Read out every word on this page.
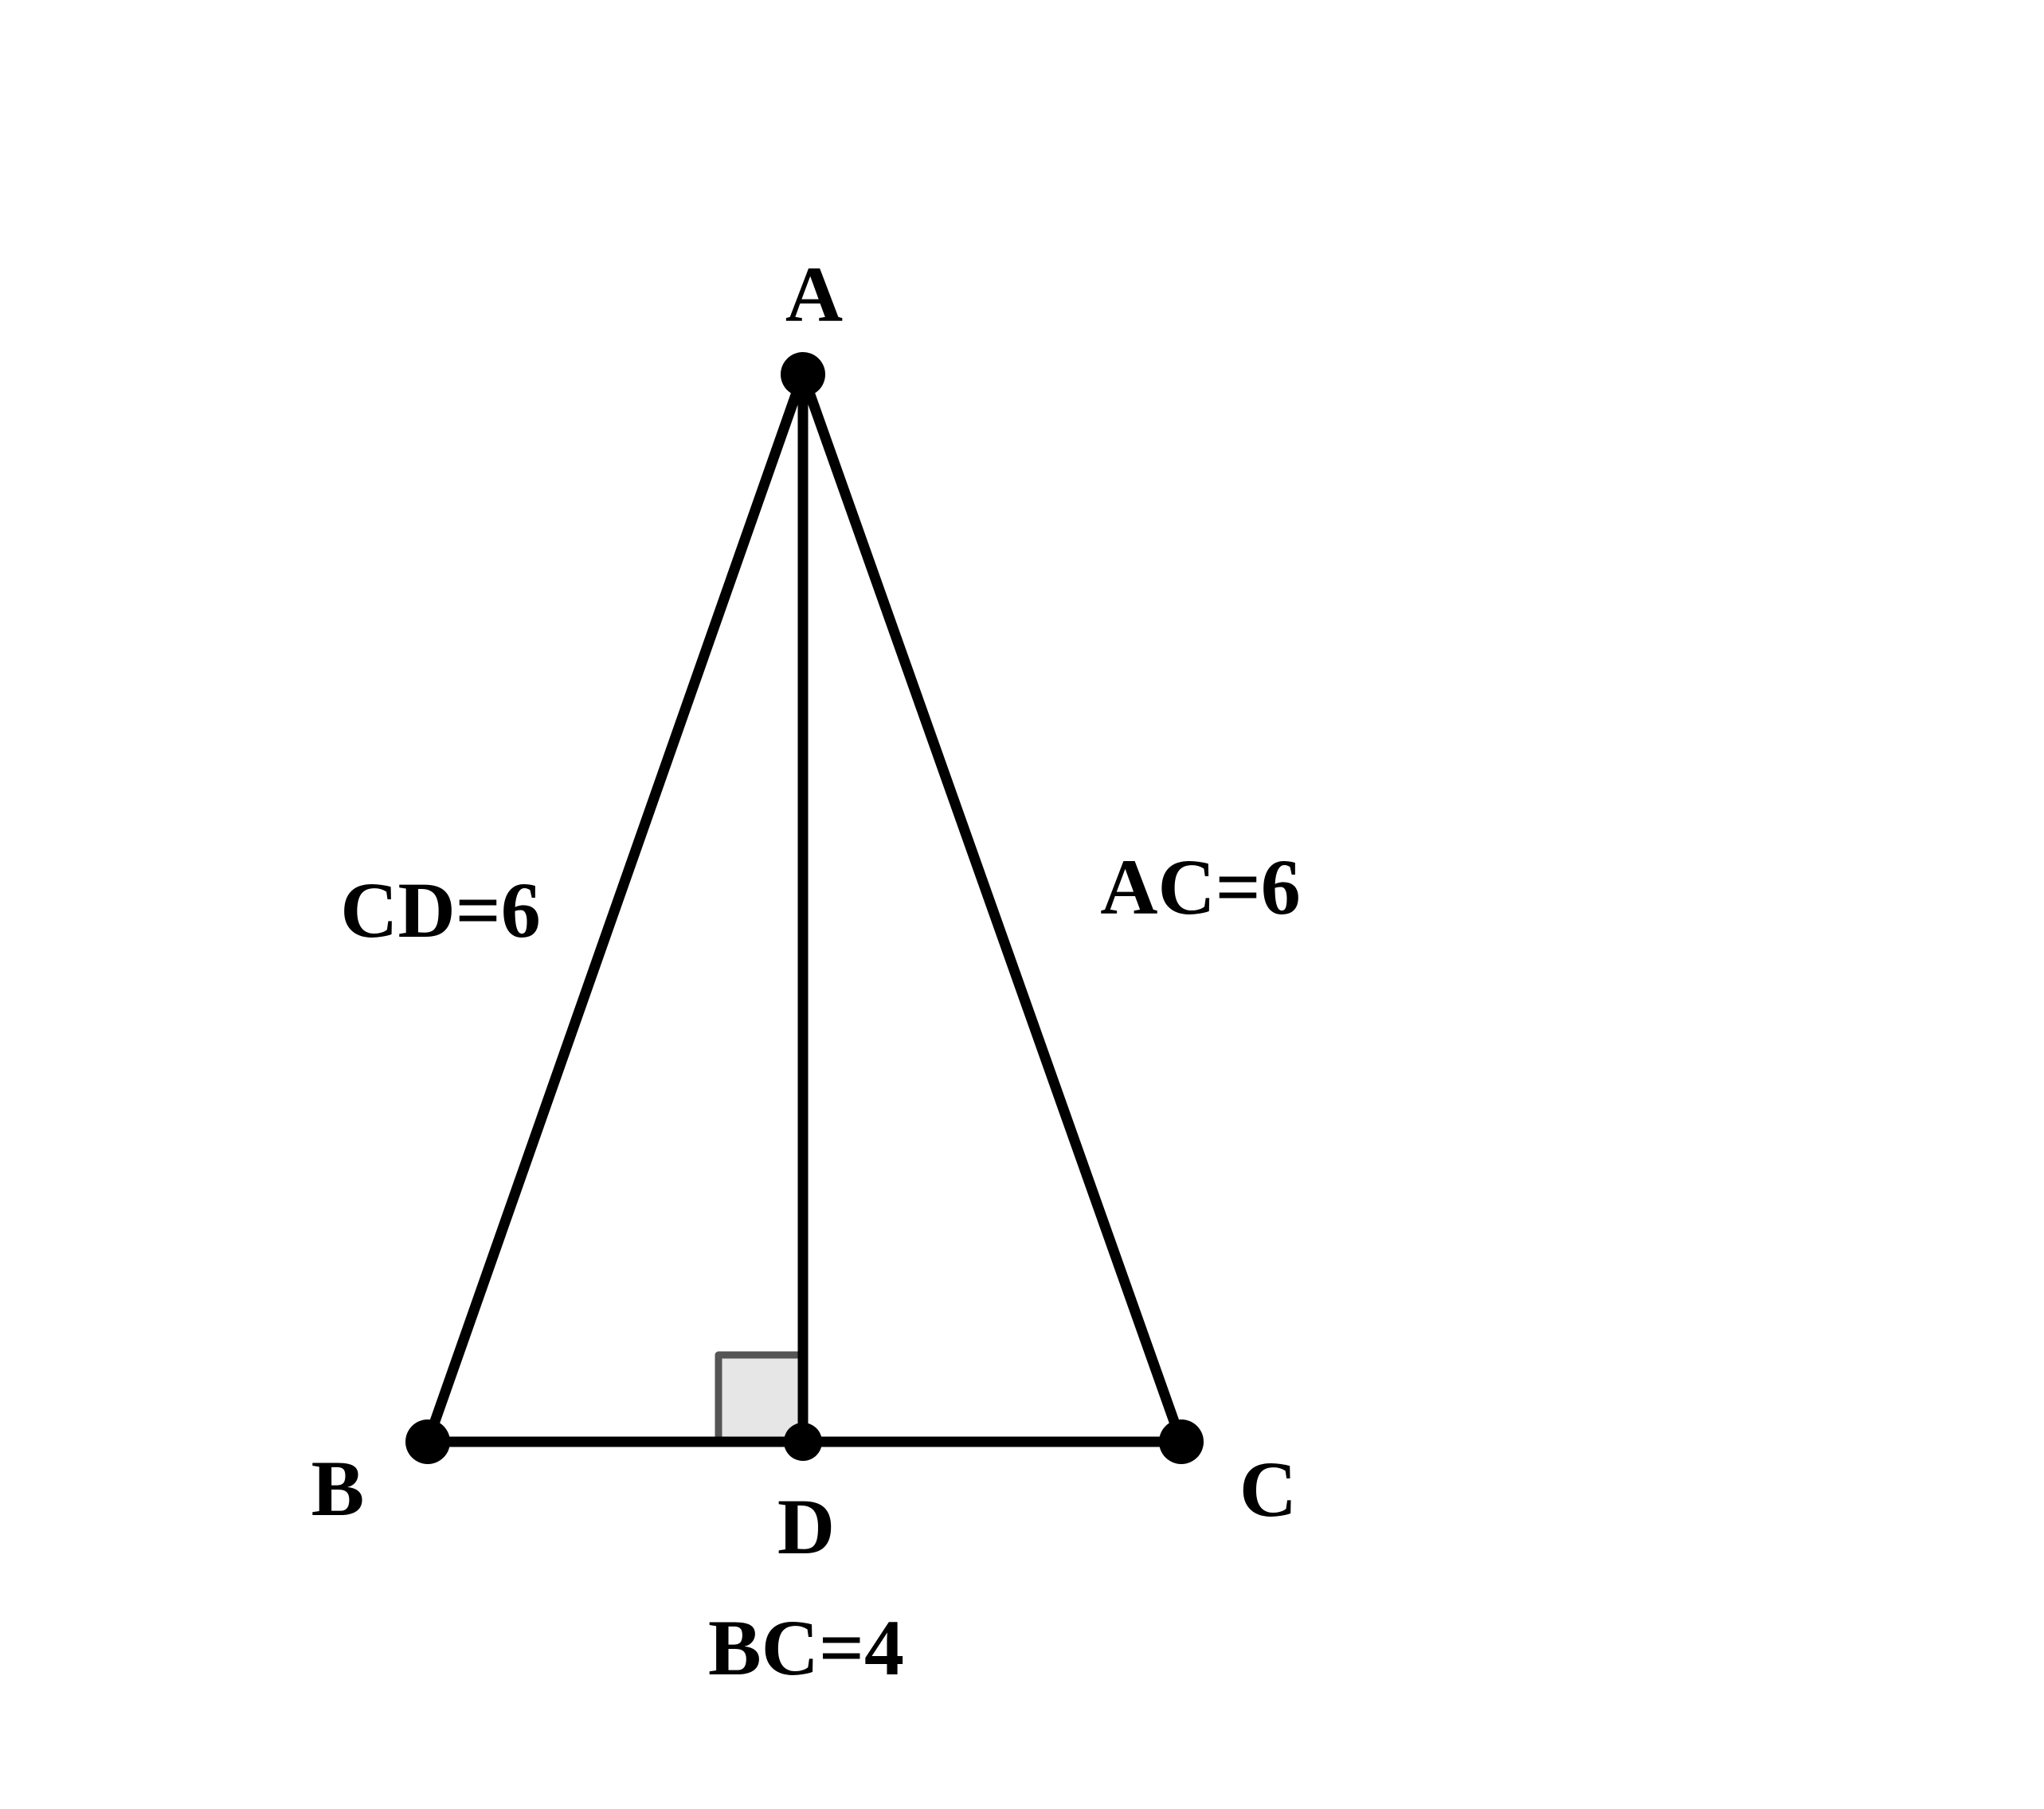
A
B	C
D
CD=6	AC=6
BC=4
